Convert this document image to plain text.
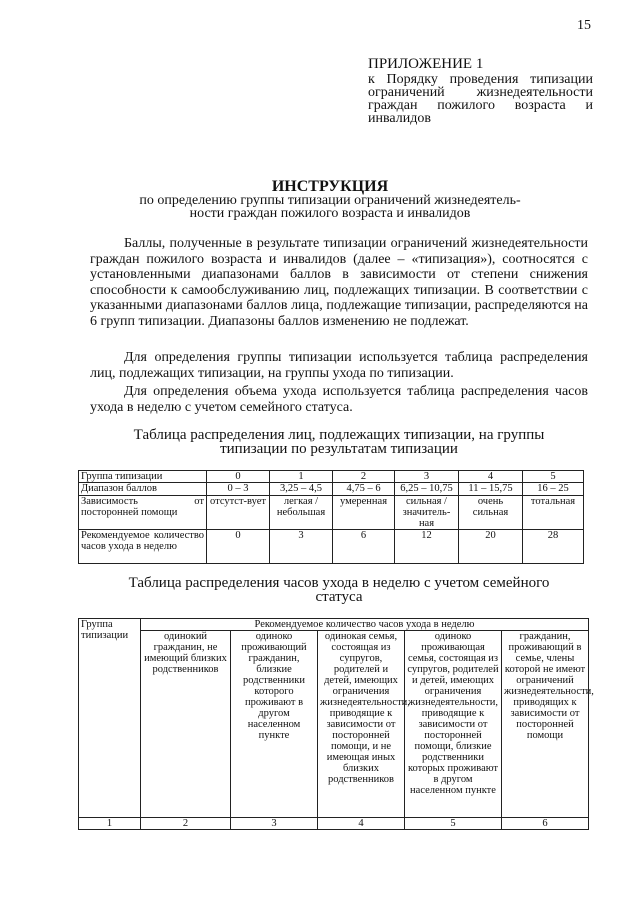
15
ПРИЛОЖЕНИЕ 1
к Порядку проведения типизации ограничений жизнедеятельности граждан пожилого возраста и инвалидов
ИНСТРУКЦИЯ
по определению группы типизации ограничений жизнедеятель-
ности граждан пожилого возраста и инвалидов

Баллы, полученные в результате типизации ограничений жизнедеятельности граждан пожилого возраста и инвалидов (далее – «типизация»), соотносятся с установленными диапазонами баллов в зависимости от степени снижения способности к самообслуживанию лиц, подлежащих типизации. В соответствии с указанными диапазонами баллов лица, подлежащие типизации, распределяются на 6 групп типизации. Диапазоны баллов изменению не подлежат.

Для определения группы типизации используется таблица распределения лиц, подлежащих типизации, на группы ухода по типизации.

Для определения объема ухода используется таблица распределения часов ухода в неделю с учетом семейного статуса.

Таблица распределения лиц, подлежащих типизации, на группы
типизации по результатам типизации
Группа типизации	0	1	2	3	4	5
Диапазон баллов	0 – 3	3,25 – 4,5	4,75 – 6	6,25 – 10,75	11 – 15,75	16 – 25
Зависимость от посторонней помощи	отсутст-вует	легкая / небольшая	умеренная	сильная / значитель-ная	очень сильная	тотальная
Рекомендуемое количество часов ухода в неделю	0	3	6	12	20	28
Таблица распределения часов ухода в неделю с учетом семейного
статуса
Группа типизации	Рекомендуемое количество часов ухода в неделю				
	одинокий гражданин, не имеющий близких родственников	одиноко проживающий гражданин, близкие родственники которого проживают в другом населенном пункте	одинокая семья, состоящая из супругов, родителей и детей, имеющих ограничения жизнедеятельности, приводящие к зависимости от посторонней помощи, и не имеющая иных близких родственников	одиноко проживающая семья, состоящая из супругов, родителей и детей, имеющих ограничения жизнедеятельности, приводящие к зависимости от посторонней помощи, близкие родственники которых проживают в другом населенном пункте	гражданин, проживающий в семье, члены которой не имеют ограничений жизнедеятельности, приводящих к зависимости от посторонней помощи
1	2	3	4	5	6
